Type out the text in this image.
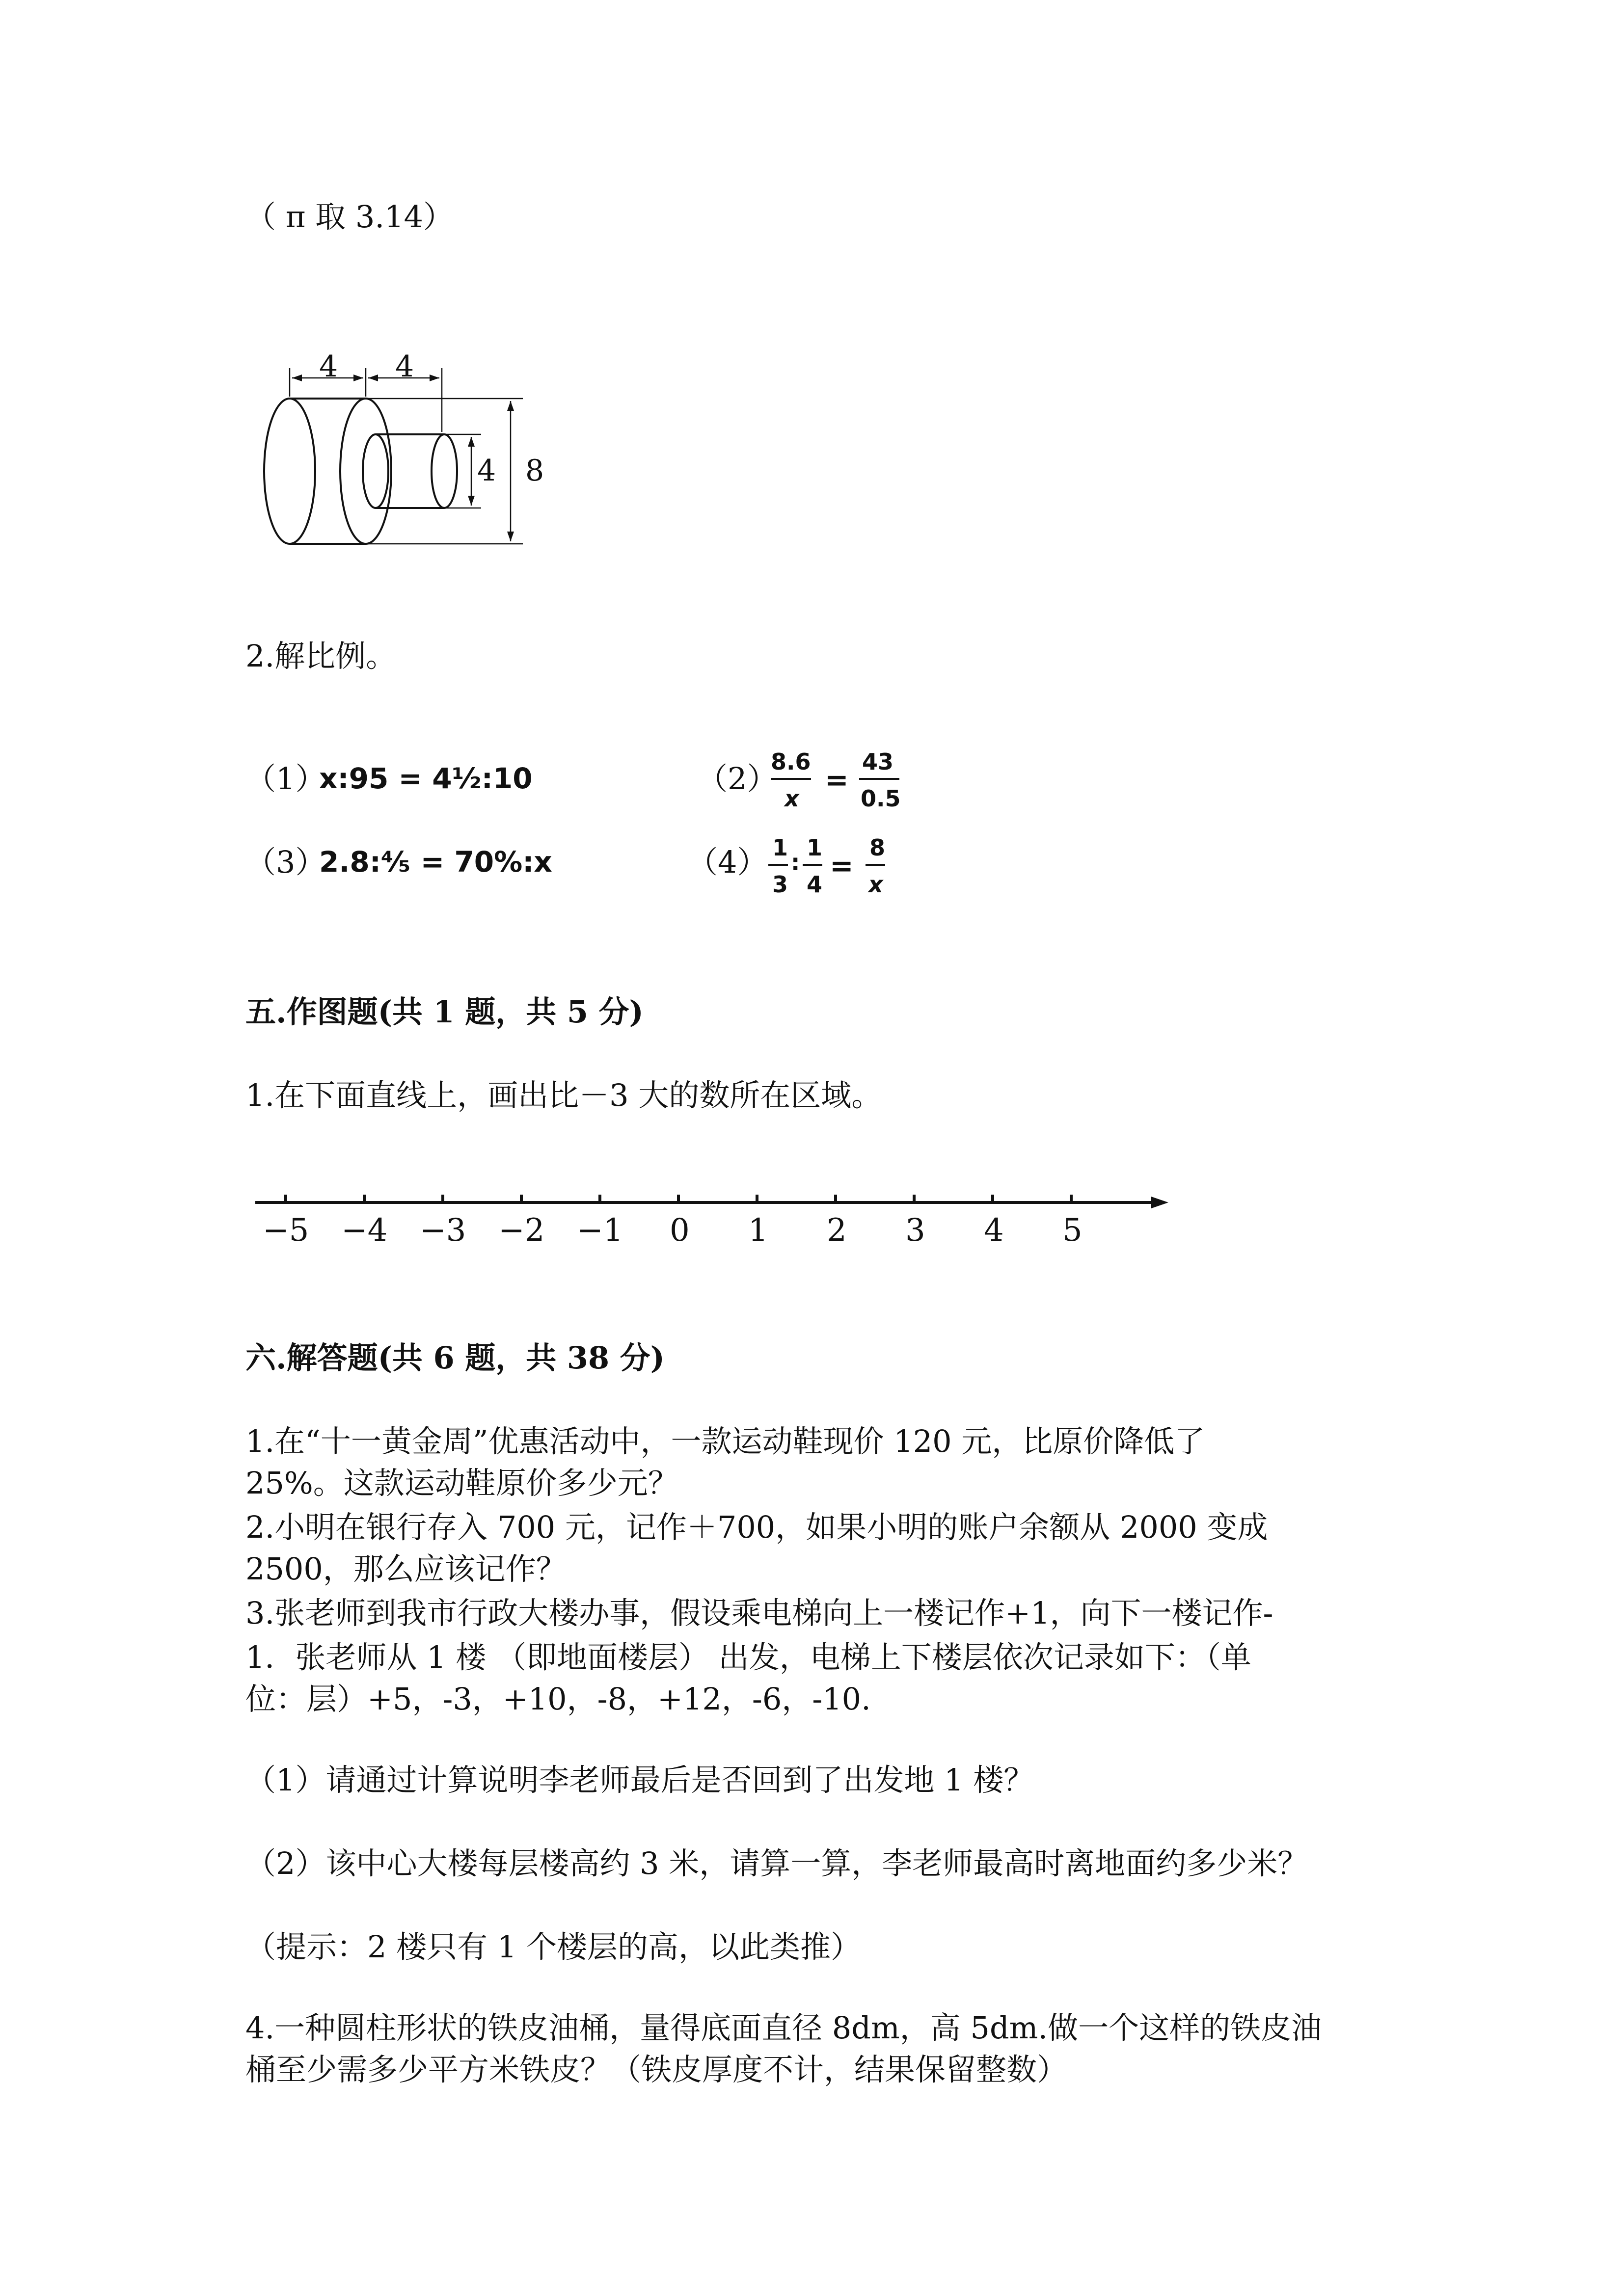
（ π 取 3.14）
4 4
4 8
2.解比例。
（1）
x:95 = 4½:10	（2）
8.6
x
=
43
0.5
（3）
2.8:⁴⁄₅ = 70%:x	（4） 1
3
:
1
4
=
8
x
五.作图题(共 1 题，共 5 分)
1.在下面直线上，画出比－3 大的数所在区域。
−5 −4 −3 −2 −1 0 1 2 3 4 5
六.解答题(共 6 题，共 38 分)
1.在“十一黄金周”优惠活动中，一款运动鞋现价 120 元，比原价降低了
25%。这款运动鞋原价多少元？
2.小明在银行存入 700 元，记作＋700，如果小明的账户余额从 2000 变成
2500，那么应该记作？
3.张老师到我市行政大楼办事，假设乘电梯向上一楼记作+1，向下一楼记作-
1．张老师从 1 楼 （即地面楼层） 出发，电梯上下楼层依次记录如下：（单
位：层）+5，-3，+10，-8，+12，-6，-10.
（1）请通过计算说明李老师最后是否回到了出发地 1 楼？
（2）该中心大楼每层楼高约 3 米，请算一算，李老师最高时离地面约多少米？
（提示：2 楼只有 1 个楼层的高，以此类推）
4.一种圆柱形状的铁皮油桶，量得底面直径 8dm，高 5dm.做一个这样的铁皮油
桶至少需多少平方米铁皮？（铁皮厚度不计，结果保留整数）
